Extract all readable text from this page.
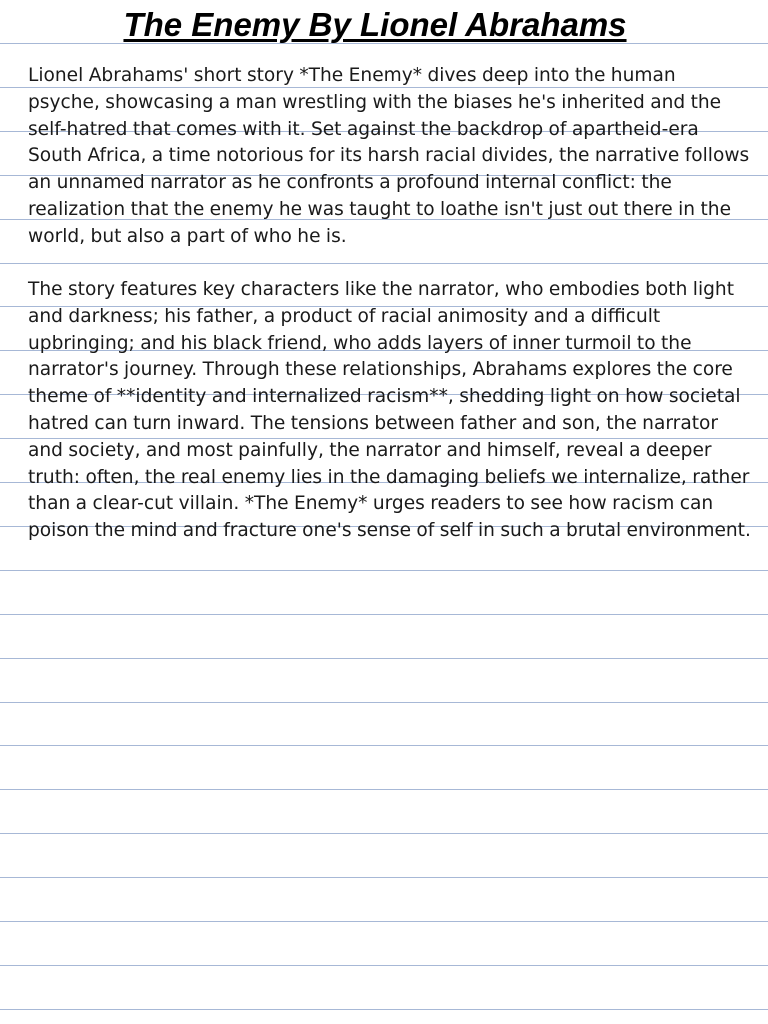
The Enemy By Lionel Abrahams

Lionel Abrahams' short story *The Enemy* dives deep into the human psyche, showcasing a man wrestling with the biases he's inherited and the self-hatred that comes with it. Set against the backdrop of apartheid-era South Africa, a time notorious for its harsh racial divides, the narrative follows an unnamed narrator as he confronts a profound internal conflict: the realization that the enemy he was taught to loathe isn't just out there in the world, but also a part of who he is.

The story features key characters like the narrator, who embodies both light and darkness; his father, a product of racial animosity and a difficult upbringing; and his black friend, who adds layers of inner turmoil to the narrator's journey. Through these relationships, Abrahams explores the core theme of **identity and internalized racism**, shedding light on how societal hatred can turn inward. The tensions between father and son, the narrator and society, and most painfully, the narrator and himself, reveal a deeper truth: often, the real enemy lies in the damaging beliefs we internalize, rather than a clear-cut villain. *The Enemy* urges readers to see how racism can poison the mind and fracture one's sense of self in such a brutal environment.
